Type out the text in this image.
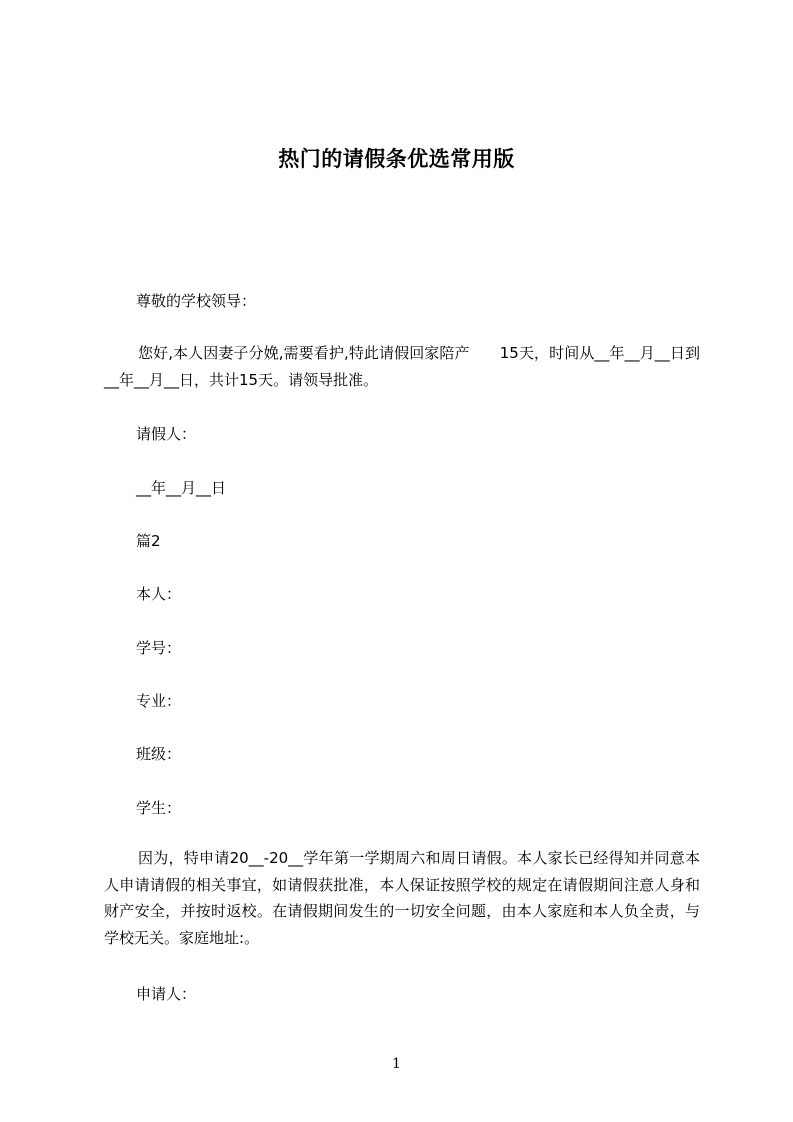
热门的请假条优选常用版
尊敬的学校领导：
您好,本人因妻子分娩,需要看护,特此请假回家陪产　　15天，时间从__年__月__日到__年__月__日，共计15天。请领导批准。
请假人：
__年__月__日
篇2
本人：
学号：
专业：
班级：
学生：
因为，特申请20__-20__学年第一学期周六和周日请假。本人家长已经得知并同意本人申请请假的相关事宜，如请假获批准，本人保证按照学校的规定在请假期间注意人身和财产安全，并按时返校。在请假期间发生的一切安全问题，由本人家庭和本人负全责，与学校无关。家庭地址:。
申请人：
1
